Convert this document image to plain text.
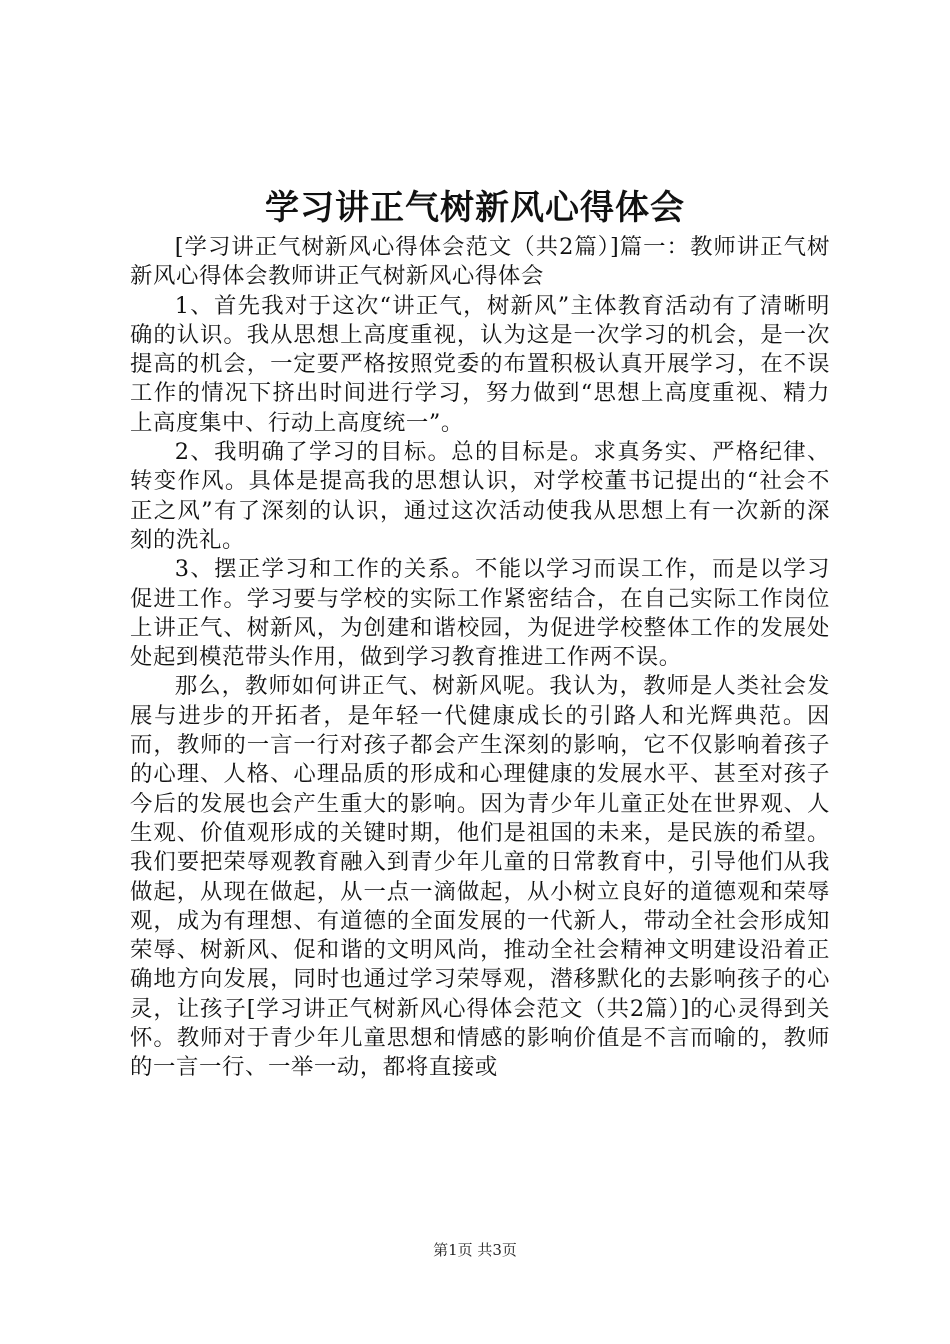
学习讲正气树新风心得体会

[学习讲正气树新风心得体会范文（共2篇）]篇一：教师讲正气树新风心得体会教师讲正气树新风心得体会

1、首先我对于这次“讲正气，树新风”主体教育活动有了清晰明确的认识。我从思想上高度重视，认为这是一次学习的机会，是一次提高的机会，一定要严格按照党委的布置积极认真开展学习，在不误工作的情况下挤出时间进行学习，努力做到“思想上高度重视、精力上高度集中、行动上高度统一”。

2、我明确了学习的目标。总的目标是。求真务实、严格纪律、转变作风。具体是提高我的思想认识，对学校董书记提出的“社会不正之风”有了深刻的认识，通过这次活动使我从思想上有一次新的深刻的洗礼。

3、摆正学习和工作的关系。不能以学习而误工作，而是以学习促进工作。学习要与学校的实际工作紧密结合，在自己实际工作岗位上讲正气、树新风，为创建和谐校园，为促进学校整体工作的发展处处起到模范带头作用，做到学习教育推进工作两不误。

那么，教师如何讲正气、树新风呢。我认为，教师是人类社会发展与进步的开拓者，是年轻一代健康成长的引路人和光辉典范。因而，教师的一言一行对孩子都会产生深刻的影响，它不仅影响着孩子的心理、人格、心理品质的形成和心理健康的发展水平、甚至对孩子今后的发展也会产生重大的影响。因为青少年儿童正处在世界观、人生观、价值观形成的关键时期，他们是祖国的未来，是民族的希望。我们要把荣辱观教育融入到青少年儿童的日常教育中，引导他们从我做起，从现在做起，从一点一滴做起，从小树立良好的道德观和荣辱观，成为有理想、有道德的全面发展的一代新人，带动全社会形成知荣辱、树新风、促和谐的文明风尚，推动全社会精神文明建设沿着正确地方向发展，同时也通过学习荣辱观，潜移默化的去影响孩子的心灵，让孩子[学习讲正气树新风心得体会范文（共2篇）]的心灵得到关怀。教师对于青少年儿童思想和情感的影响价值是不言而喻的，教师的一言一行、一举一动，都将直接或

第1页 共3页
